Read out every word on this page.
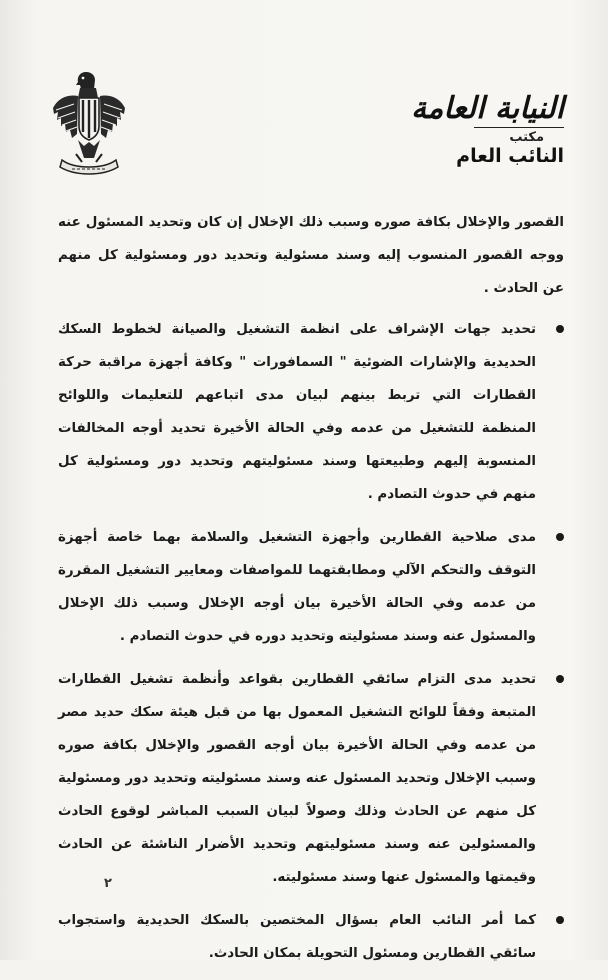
النيابة العامة
مكتب
النائب العام

القصور والإخلال بكافة صوره وسبب ذلك الإخلال إن كان وتحديد المسئول عنه ووجه القصور المنسوب إليه وسند مسئولية وتحديد دور ومسئولية كل منهم عن الحادث .

تحديد جهات الإشراف على انظمة التشغيل والصيانة لخطوط السكك الحديدية والإشارات الضوئية " السمافورات " وكافة أجهزة مراقبة حركة القطارات التي تربط بينهم لبيان مدى اتباعهم للتعليمات واللوائح المنظمة للتشغيل من عدمه وفي الحالة الأخيرة تحديد أوجه المخالفات المنسوبة إليهم وطبيعتها وسند مسئوليتهم وتحديد دور ومسئولية كل منهم في حدوث التصادم .
مدى صلاحية القطارين وأجهزة التشغيل والسلامة بهما خاصة أجهزة التوقف والتحكم الآلي ومطابقتهما للمواصفات ومعايير التشغيل المقررة من عدمه وفي الحالة الأخيرة بيان أوجه الإخلال وسبب ذلك الإخلال والمسئول عنه وسند مسئوليته وتحديد دوره في حدوث التصادم .
تحديد مدى التزام سائقي القطارين بقواعد وأنظمة تشغيل القطارات المتبعة وفقاً للوائح التشغيل المعمول بها من قبل هيئة سكك حديد مصر من عدمه وفي الحالة الأخيرة بيان أوجه القصور والإخلال بكافة صوره وسبب الإخلال وتحديد المسئول عنه وسند مسئوليته وتحديد دور ومسئولية كل منهم عن الحادث وذلك وصولاً لبيان السبب المباشر لوقوع الحادث والمسئولين عنه وسند مسئوليتهم وتحديد الأضرار الناشئة عن الحادث وقيمتها والمسئول عنها وسند مسئوليته.
كما أمر النائب العام بسؤال المختصين بالسكك الحديدية واستجواب سائقي القطارين ومسئول التحويلة بمكان الحادث.
٢
